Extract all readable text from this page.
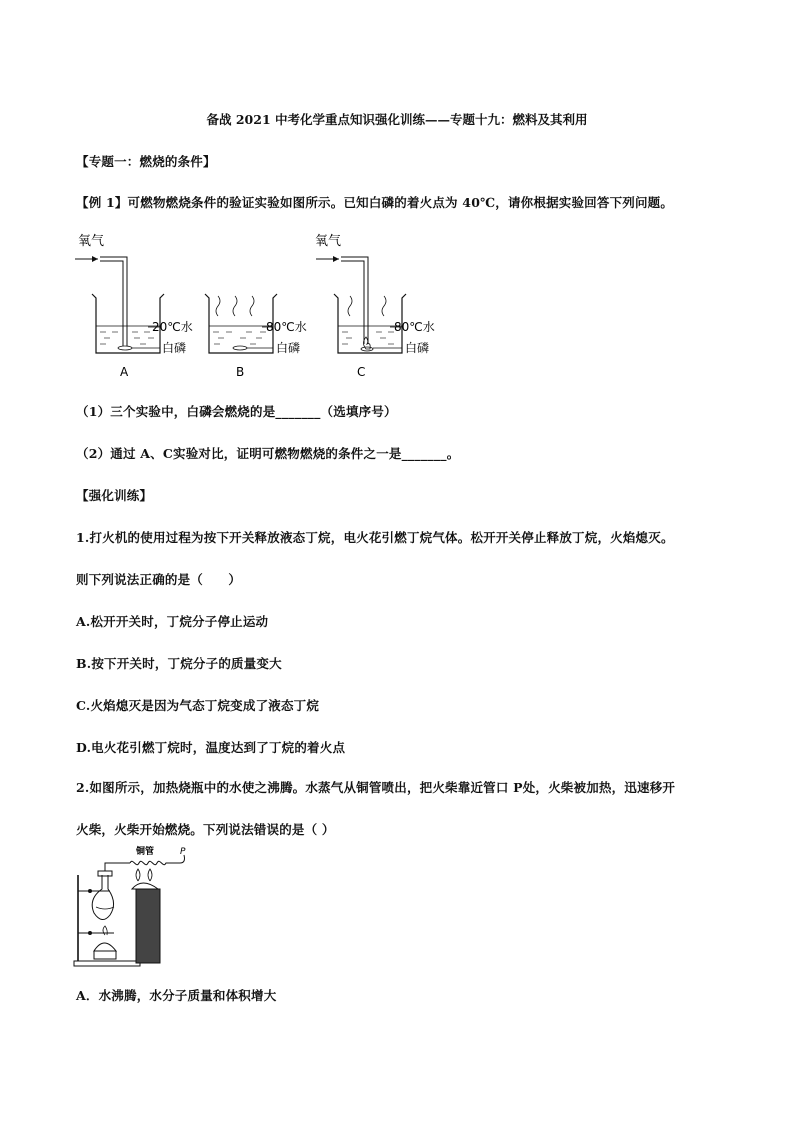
备战 2021 中考化学重点知识强化训练——专题十九：燃料及其利用
【专题一：燃烧的条件】
【例 1】可燃物燃烧条件的验证实验如图所示。已知白磷的着火点为 40℃，请你根据实验回答下列问题。
氧气
20℃水
白磷
A
80℃水
白磷
B
氧气
80℃水
白磷
C
（1）三个实验中，白磷会燃烧的是_______（选填序号）
（2）通过 A、C实验对比，证明可燃物燃烧的条件之一是_______。
【强化训练】
1.打火机的使用过程为按下开关释放液态丁烷，电火花引燃丁烷气体。松开开关停止释放丁烷，火焰熄灭。
则下列说法正确的是（　　）
A.松开开关时，丁烷分子停止运动
B.按下开关时，丁烷分子的质量变大
C.火焰熄灭是因为气态丁烷变成了液态丁烷
D.电火花引燃丁烷时，温度达到了丁烷的着火点
2.如图所示，加热烧瓶中的水使之沸腾。水蒸气从铜管喷出，把火柴靠近管口 P处，火柴被加热，迅速移开
火柴，火柴开始燃烧。下列说法错误的是（ ）
铜管	P
A．水沸腾，水分子质量和体积增大
